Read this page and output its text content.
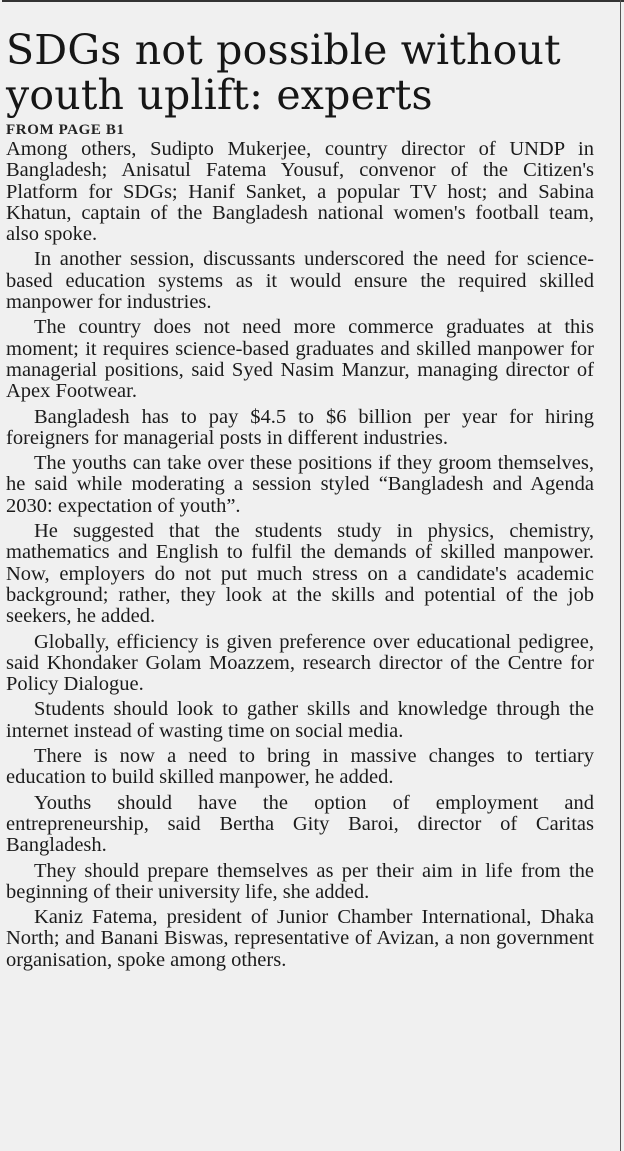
SDGs not possible without youth uplift: experts
FROM PAGE B1

Among others, Sudipto Mukerjee, country director of UNDP in Bangladesh; Anisatul Fatema Yousuf, convenor of the Citizen's Platform for SDGs; Hanif Sanket, a popular TV host; and Sabina Khatun, captain of the Bangladesh national women's football team, also spoke.

In another session, discussants underscored the need for science-based education systems as it would ensure the required skilled manpower for industries.

The country does not need more commerce graduates at this moment; it requires science-based graduates and skilled manpower for managerial positions, said Syed Nasim Manzur, managing director of Apex Footwear.

Bangladesh has to pay $4.5 to $6 billion per year for hiring foreigners for managerial posts in different industries.

The youths can take over these positions if they groom themselves, he said while moderating a session styled “Bangladesh and Agenda 2030: expectation of youth”.

He suggested that the students study in physics, chemistry, mathematics and English to fulfil the demands of skilled manpower. Now, employers do not put much stress on a candidate's academic background; rather, they look at the skills and potential of the job seekers, he added.

Globally, efficiency is given preference over educational pedigree, said Khondaker Golam Moazzem, research director of the Centre for Policy Dialogue.

Students should look to gather skills and knowledge through the internet instead of wasting time on social media.

There is now a need to bring in massive changes to tertiary education to build skilled manpower, he added.

Youths should have the option of employment and entrepreneurship, said Bertha Gity Baroi, director of Caritas Bangladesh.

They should prepare themselves as per their aim in life from the beginning of their university life, she added.

Kaniz Fatema, president of Junior Chamber International, Dhaka North; and Banani Biswas, representative of Avizan, a non government organisation, spoke among others.
